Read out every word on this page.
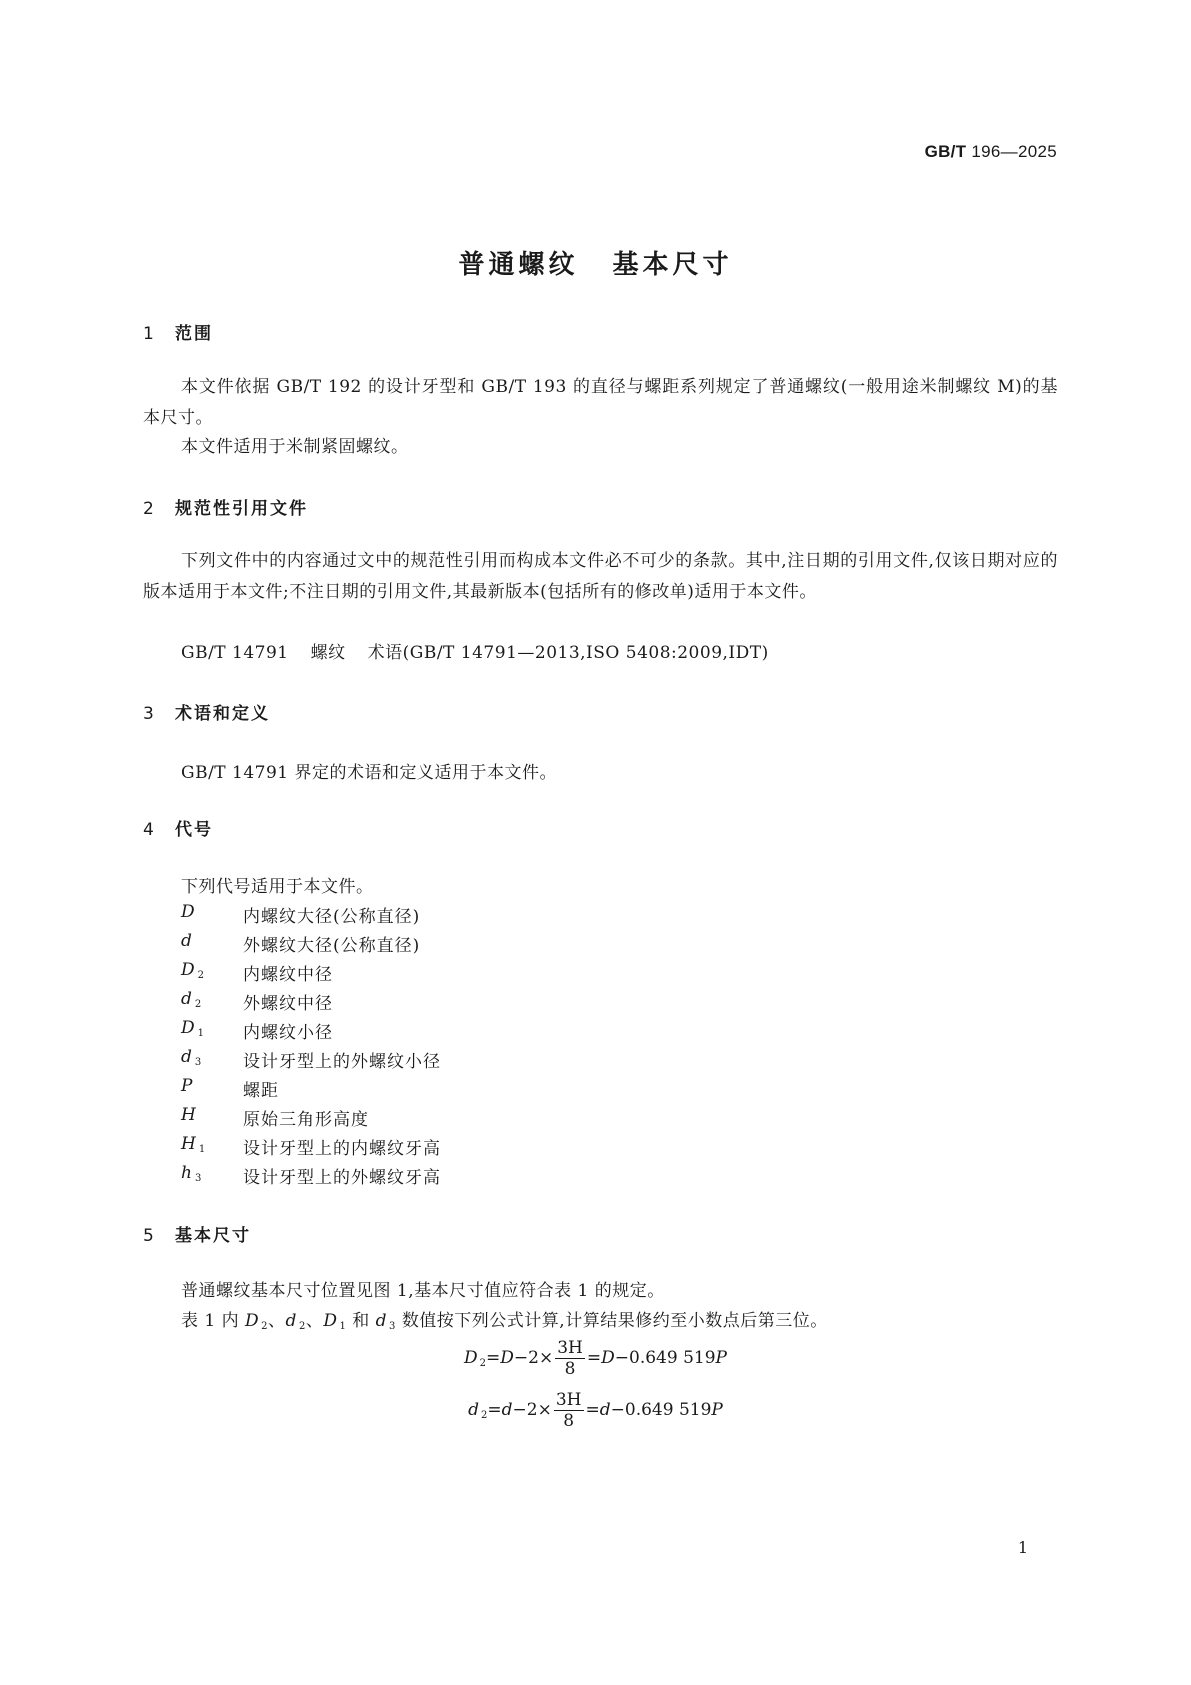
GB/T 196—2025
普通螺纹 基本尺寸
1 范围
本文件依据 GB/T 192 的设计牙型和 GB/T 193 的直径与螺距系列规定了普通螺纹(一般用途米制螺纹 M)的基本尺寸。
本文件适用于米制紧固螺纹。
2 规范性引用文件
下列文件中的内容通过文中的规范性引用而构成本文件必不可少的条款。其中,注日期的引用文件,仅该日期对应的版本适用于本文件;不注日期的引用文件,其最新版本(包括所有的修改单)适用于本文件。
GB/T 14791 螺纹 术语(GB/T 14791—2013,ISO 5408:2009,IDT)
3 术语和定义
GB/T 14791 界定的术语和定义适用于本文件。
4 代号
下列代号适用于本文件。
D	内螺纹大径(公称直径)
d	外螺纹大径(公称直径)
D $_2$ 内螺纹中径
d $_2$ 外螺纹中径
D $_1$ 内螺纹小径
d $_3$ 设计牙型上的外螺纹小径
P	螺距
H	原始三角形高度
H $_1$ 设计牙型上的内螺纹牙高
h $_3$ 设计牙型上的外螺纹牙高
5 基本尺寸
普通螺纹基本尺寸位置见图 1,基本尺寸值应符合表 1 的规定。
表 1 内 D $_2$、d $_2$、D $_1$ 和 d $_3$ 数值按下列公式计算,计算结果修约至小数点后第三位。
D $_2=D-2\times \frac{3H}{8} =D-0.649$ 519P
d $_2=d-2\times \frac{3H}{8} =d-0.649$ 519P
1
